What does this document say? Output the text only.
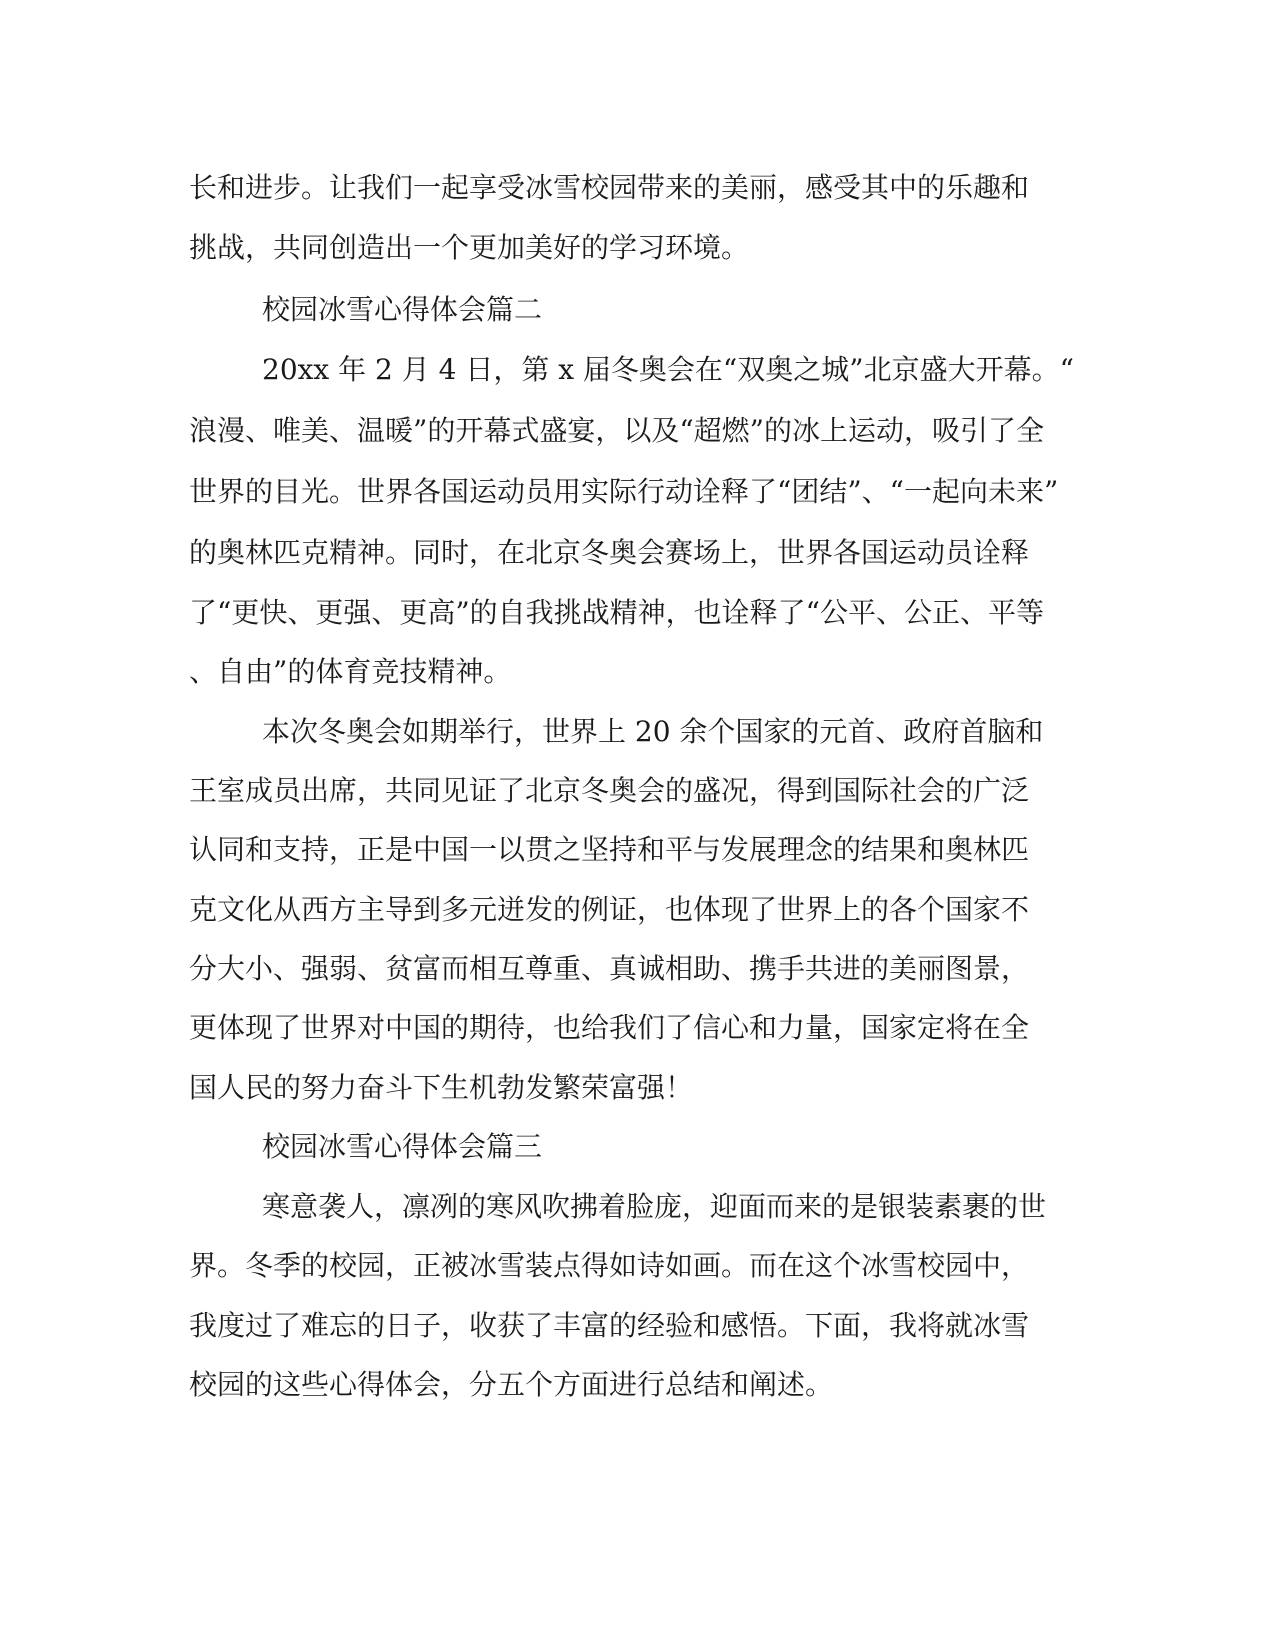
长和进步。让我们一起享受冰雪校园带来的美丽，感受其中的乐趣和

挑战，共同创造出一个更加美好的学习环境。

校园冰雪心得体会篇二

20xx 年 2 月 4 日，第 x 届冬奥会在“双奥之城”北京盛大开幕。“

浪漫、唯美、温暖”的开幕式盛宴，以及“超燃”的冰上运动，吸引了全

世界的目光。世界各国运动员用实际行动诠释了“团结”、“一起向未来”

的奥林匹克精神。同时，在北京冬奥会赛场上，世界各国运动员诠释

了“更快、更强、更高”的自我挑战精神，也诠释了“公平、公正、平等

、自由”的体育竞技精神。

本次冬奥会如期举行，世界上 20 余个国家的元首、政府首脑和

王室成员出席，共同见证了北京冬奥会的盛况，得到国际社会的广泛

认同和支持，正是中国一以贯之坚持和平与发展理念的结果和奥林匹

克文化从西方主导到多元迸发的例证，也体现了世界上的各个国家不

分大小、强弱、贫富而相互尊重、真诚相助、携手共进的美丽图景，

更体现了世界对中国的期待，也给我们了信心和力量，国家定将在全

国人民的努力奋斗下生机勃发繁荣富强！

校园冰雪心得体会篇三

寒意袭人，凛冽的寒风吹拂着脸庞，迎面而来的是银装素裹的世

界。冬季的校园，正被冰雪装点得如诗如画。而在这个冰雪校园中，

我度过了难忘的日子，收获了丰富的经验和感悟。下面，我将就冰雪

校园的这些心得体会，分五个方面进行总结和阐述。
